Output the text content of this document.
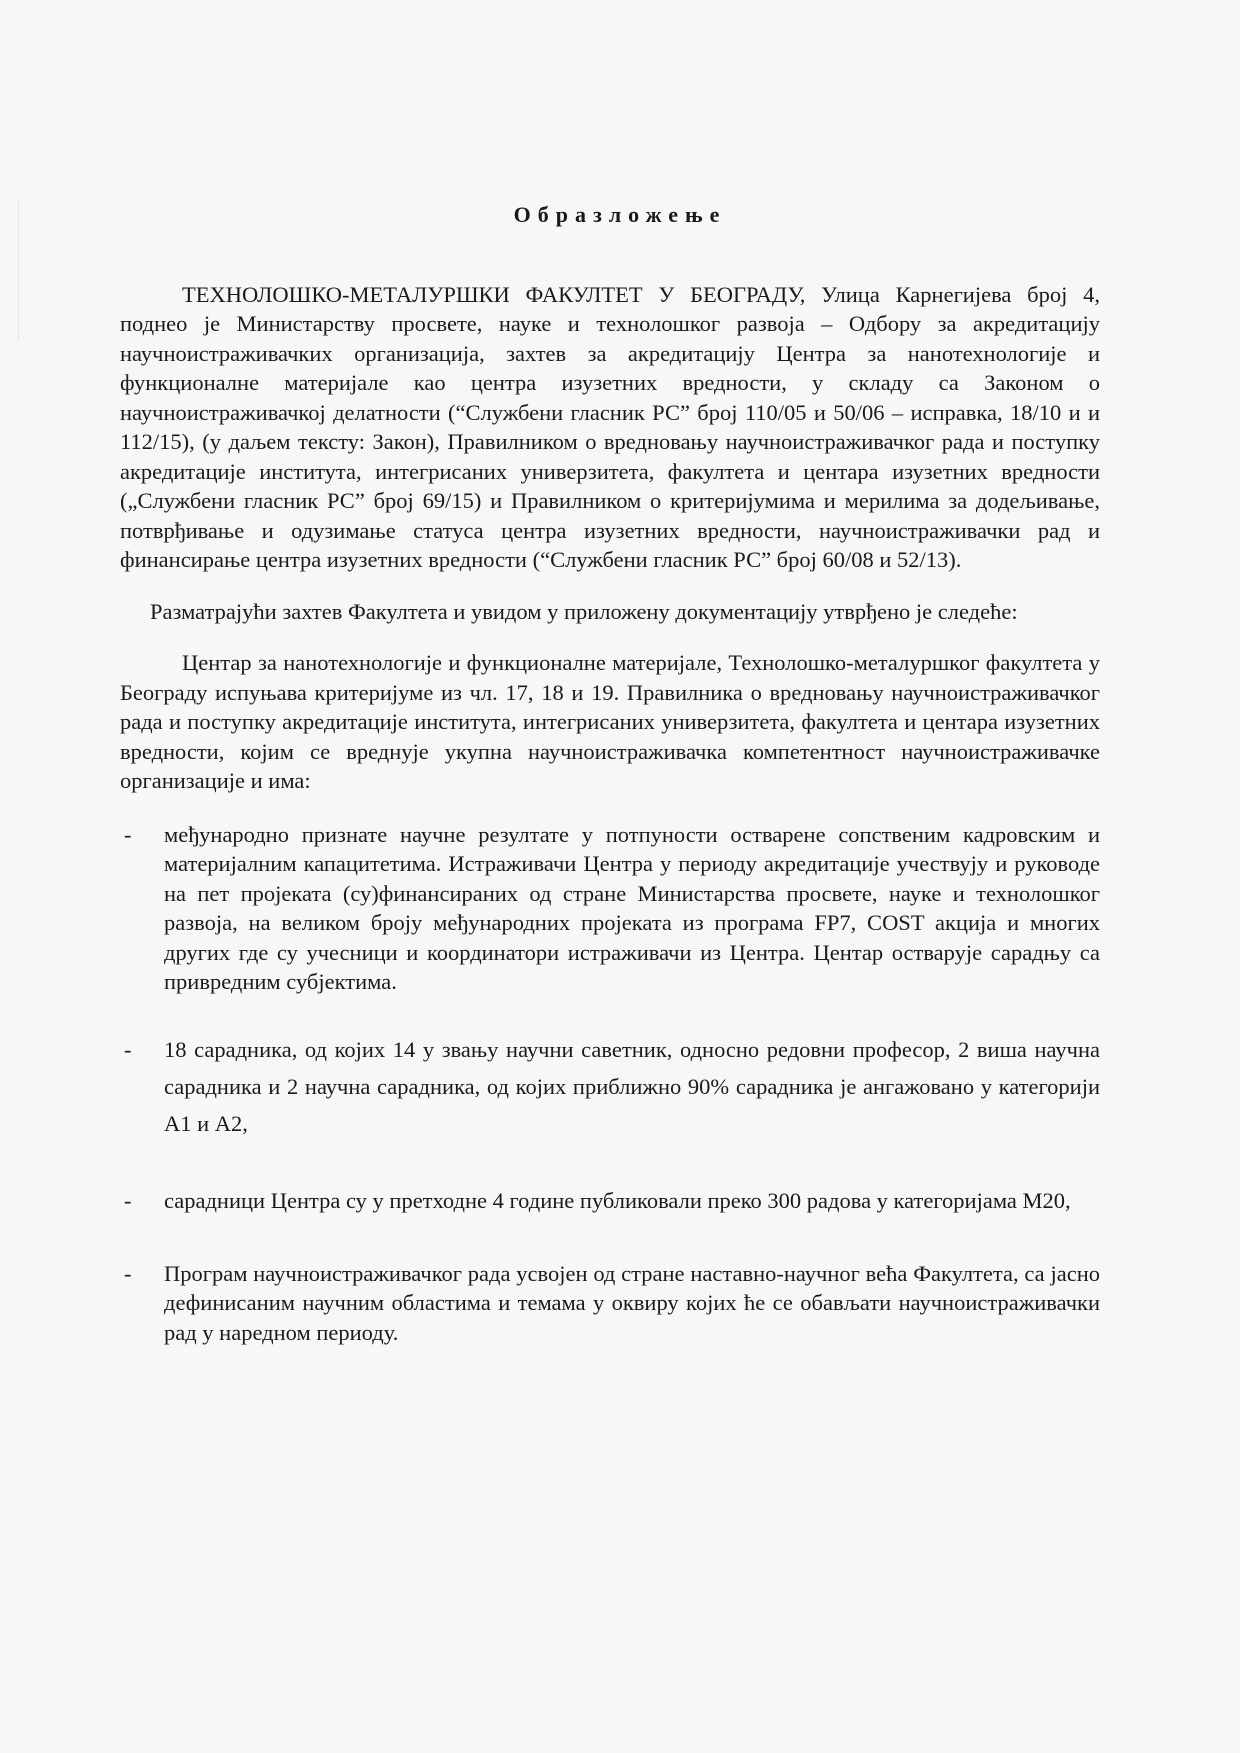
Образложење

ТЕХНОЛОШКО-МЕТАЛУРШКИ ФАКУЛТЕТ У БЕОГРАДУ, Улица Карнегијева број 4, поднео је Министарству просвете, науке и технолошког развоја – Одбору за акредитацију научноистраживачких организација, захтев за акредитацију Центра за нанотехнологије и функционалне материјале као центра изузетних вредности, у складу са Законом о научноистраживачкој делатности (“Службени гласник РС” број 110/05 и 50/06 – исправка, 18/10 и и 112/15), (у даљем тексту: Закон), Правилником о вредновању научноистраживачког рада и поступку акредитације института, интегрисаних универзитета, факултета и центара изузетних вредности („Службени гласник РС” број 69/15) и Правилником о критеријумима и мерилима за додељивање, потврђивање и одузимање статуса центра изузетних вредности, научноистраживачки рад и финансирање центра изузетних вредности (“Службени гласник РС” број 60/08 и 52/13).

Разматрајући захтев Факултета и увидом у приложену документацију утврђено је следеће:

Центар за нанотехнологије и функционалне материјале, Технолошко-металуршког факултета у Београду испуњава критеријуме из чл. 17, 18 и 19. Правилника о вредновању научноистраживачког рада и поступку акредитације института, интегрисаних универзитета, факултета и центара изузетних вредности, којим се вреднује укупна научноистраживачка компетентност научноистраживачке организације и има:

- међународно признате научне резултате у потпуности остварене сопственим кадровским и материјалним капацитетима. Истраживачи Центра у периоду акредитације учествују и руководе на пет пројеката (су)финансираних од стране Министарства просвете, науке и технолошког развоја, на великом броју међународних пројеката из програма FP7, COST акција и многих других где су учесници и координатори истраживачи из Центра. Центар остварује сарадњу са привредним субјектима.
- 18 сарадника, од којих 14 у звању научни саветник, односно редовни професор, 2 виша научна сарадника и 2 научна сарадника, од којих приближно 90% сарадника је ангажовано у категорији А1 и А2,
- сарадници Центра су у претходне 4 године публиковали преко 300 радова у категоријама М20,
- Програм научноистраживачког рада усвојен од стране наставно-научног већа Факултета, са јасно дефинисаним научним областима и темама у оквиру којих ће се обављати научноистраживачки рад у наредном периоду.
